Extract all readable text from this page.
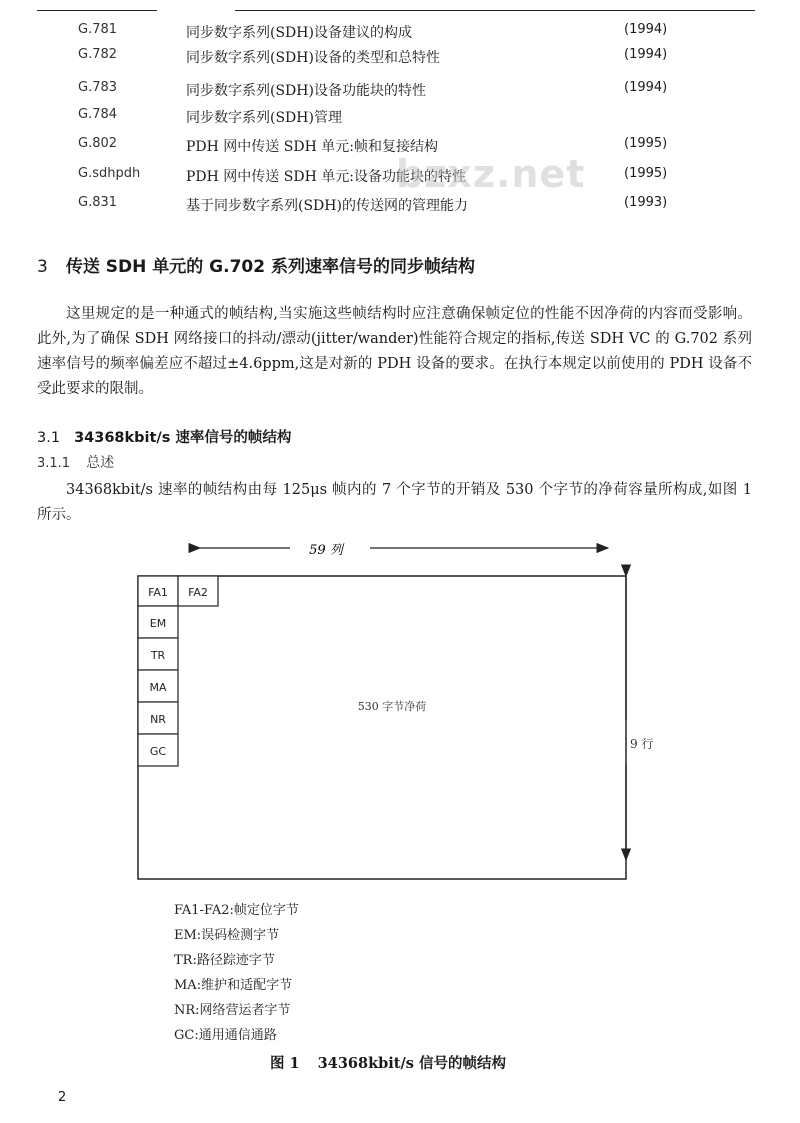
G.781	同步数字系列(SDH)设备建议的构成	(1994)
G.782	同步数字系列(SDH)设备的类型和总特性	(1994)
G.783	同步数字系列(SDH)设备功能块的特性	(1994)
G.784	同步数字系列(SDH)管理
G.802	PDH 网中传送 SDH 单元:帧和复接结构	(1995)
G.sdhpdh	PDH 网中传送 SDH 单元:设备功能块的特性	(1995)
G.831	基于同步数字系列(SDH)的传送网的管理能力	(1993)
bzxz.net
3 传送 SDH 单元的 G.702 系列速率信号的同步帧结构

这里规定的是一种通式的帧结构,当实施这些帧结构时应注意确保帧定位的性能不因净荷的内容而受影响。此外,为了确保 SDH 网络接口的抖动/漂动(jitter/wander)性能符合规定的指标,传送 SDH VC 的 G.702 系列速率信号的频率偏差应不超过±4.6ppm,这是对新的 PDH 设备的要求。在执行本规定以前使用的 PDH 设备不受此要求的限制。

3.1 34368kbit/s 速率信号的帧结构
3.1.1 总述

34368kbit/s 速率的帧结构由每 125μs 帧内的 7 个字节的开销及 530 个字节的净荷容量所构成,如图 1 所示。

59 列
FA1 FA2
EM
TR
MA
NR
GC
530 字节净荷
9 行
FA1-FA2:帧定位字节
EM:误码检测字节
TR:路径踪迹字节
MA:维护和适配字节
NR:网络营运者字节
GC:通用通信通路
图 1 34368kbit/s 信号的帧结构
2
